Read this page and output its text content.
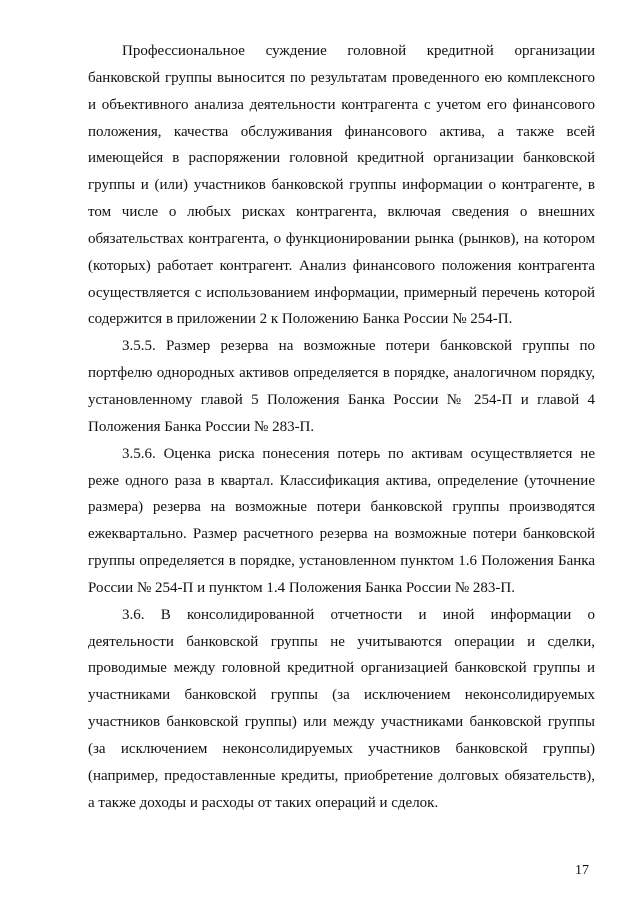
Профессиональное суждение головной кредитной организации банковской группы выносится по результатам проведенного ею комплексного и объективного анализа деятельности контрагента с учетом его финансового положения, качества обслуживания финансового актива, а также всей имеющейся в распоряжении головной кредитной организации банковской группы и (или) участников банковской группы информации о контрагенте, в том числе о любых рисках контрагента, включая сведения о внешних обязательствах контрагента, о функционировании рынка (рынков), на котором (которых) работает контрагент. Анализ финансового положения контрагента осуществляется с использованием информации, примерный перечень которой содержится в приложении 2 к Положению Банка России № 254-П.

3.5.5. Размер резерва на возможные потери банковской группы по портфелю однородных активов определяется в порядке, аналогичном порядку, установленному главой 5 Положения Банка России № 254-П и главой 4 Положения Банка России № 283-П.

3.5.6. Оценка риска понесения потерь по активам осуществляется не реже одного раза в квартал. Классификация актива, определение (уточнение размера) резерва на возможные потери банковской группы производятся ежеквартально. Размер расчетного резерва на возможные потери банковской группы определяется в порядке, установленном пунктом 1.6 Положения Банка России № 254-П и пунктом 1.4 Положения Банка России № 283-П.

3.6. В консолидированной отчетности и иной информации о деятельности банковской группы не учитываются операции и сделки, проводимые между головной кредитной организацией банковской группы и участниками банковской группы (за исключением неконсолидируемых участников банковской группы) или между участниками банковской группы (за исключением неконсолидируемых участников банковской группы) (например, предоставленные кредиты, приобретение долговых обязательств), а также доходы и расходы от таких операций и сделок.

17
